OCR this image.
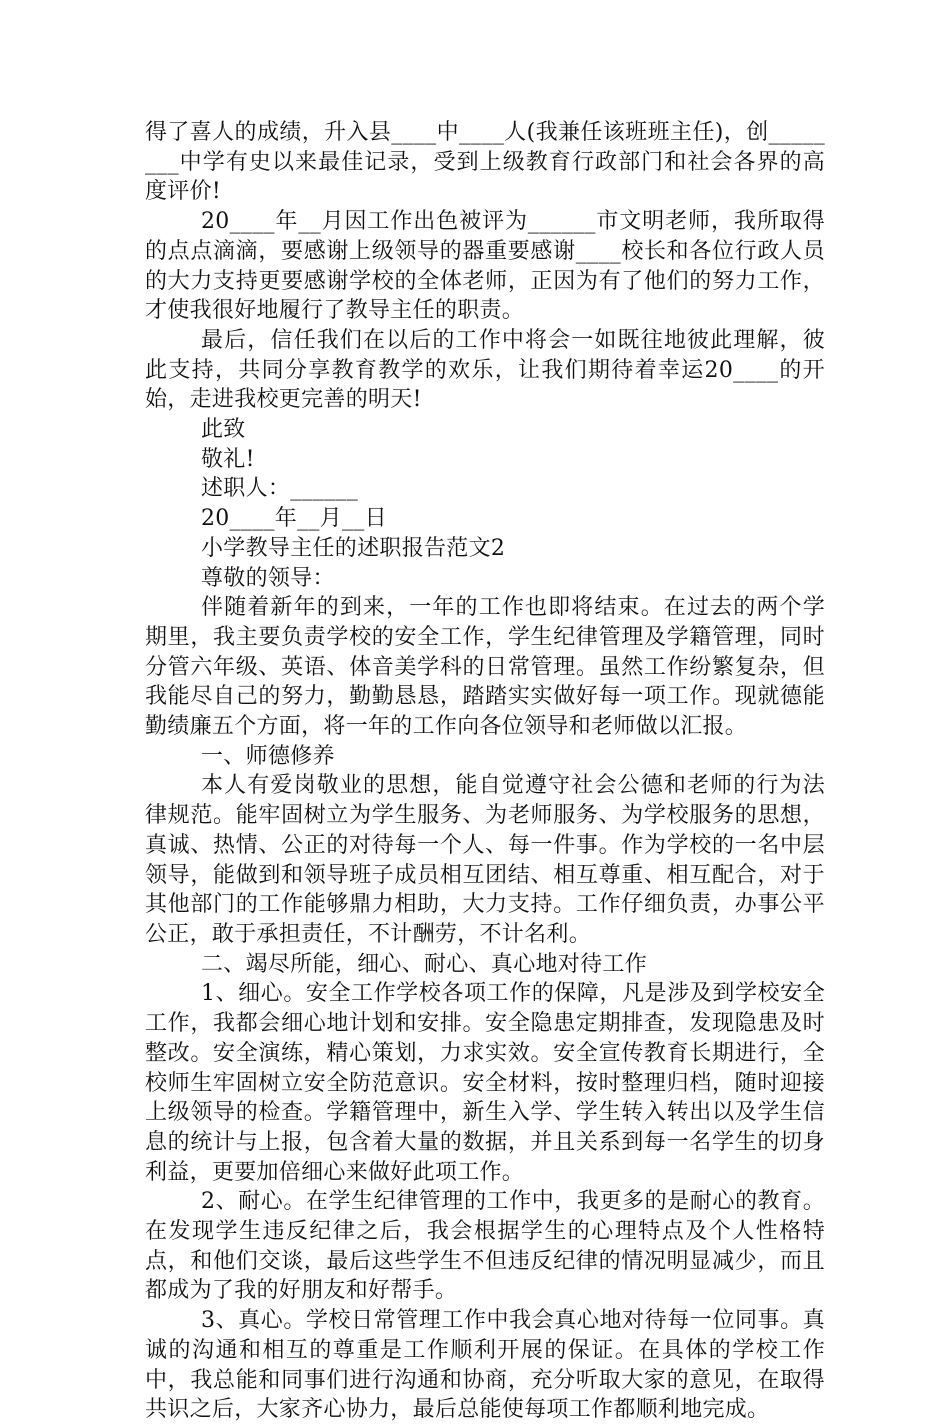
得了喜人的成绩，升入县____中____人(我兼任该班班主任)，创________中学有史以来最佳记录，受到上级教育行政部门和社会各界的高度评价!

20____年__月因工作出色被评为______市文明老师，我所取得的点点滴滴，要感谢上级领导的器重要感谢____校长和各位行政人员的大力支持更要感谢学校的全体老师，正因为有了他们的努力工作，才使我很好地履行了教导主任的职责。

最后，信任我们在以后的工作中将会一如既往地彼此理解，彼此支持，共同分享教育教学的欢乐，让我们期待着幸运20____的开始，走进我校更完善的明天!

此致

敬礼!

述职人：______

20____年__月__日

小学教导主任的述职报告范文2

尊敬的领导：

伴随着新年的到来，一年的工作也即将结束。在过去的两个学期里，我主要负责学校的安全工作，学生纪律管理及学籍管理，同时分管六年级、英语、体音美学科的日常管理。虽然工作纷繁复杂，但我能尽自己的努力，勤勤恳恳，踏踏实实做好每一项工作。现就德能勤绩廉五个方面，将一年的工作向各位领导和老师做以汇报。

一、师德修养

本人有爱岗敬业的思想，能自觉遵守社会公德和老师的行为法律规范。能牢固树立为学生服务、为老师服务、为学校服务的思想，真诚、热情、公正的对待每一个人、每一件事。作为学校的一名中层领导，能做到和领导班子成员相互团结、相互尊重、相互配合，对于其他部门的工作能够鼎力相助，大力支持。工作仔细负责，办事公平公正，敢于承担责任，不计酬劳，不计名利。

二、竭尽所能，细心、耐心、真心地对待工作

1、细心。安全工作学校各项工作的保障，凡是涉及到学校安全工作，我都会细心地计划和安排。安全隐患定期排查，发现隐患及时整改。安全演练，精心策划，力求实效。安全宣传教育长期进行，全校师生牢固树立安全防范意识。安全材料，按时整理归档，随时迎接上级领导的检查。学籍管理中，新生入学、学生转入转出以及学生信息的统计与上报，包含着大量的数据，并且关系到每一名学生的切身利益，更要加倍细心来做好此项工作。

2、耐心。在学生纪律管理的工作中，我更多的是耐心的教育。在发现学生违反纪律之后，我会根据学生的心理特点及个人性格特点，和他们交谈，最后这些学生不但违反纪律的情况明显减少，而且都成为了我的好朋友和好帮手。

3、真心。学校日常管理工作中我会真心地对待每一位同事。真诚的沟通和相互的尊重是工作顺利开展的保证。在具体的学校工作中，我总能和同事们进行沟通和协商，充分听取大家的意见，在取得共识之后，大家齐心协力，最后总能使每项工作都顺利地完成。
